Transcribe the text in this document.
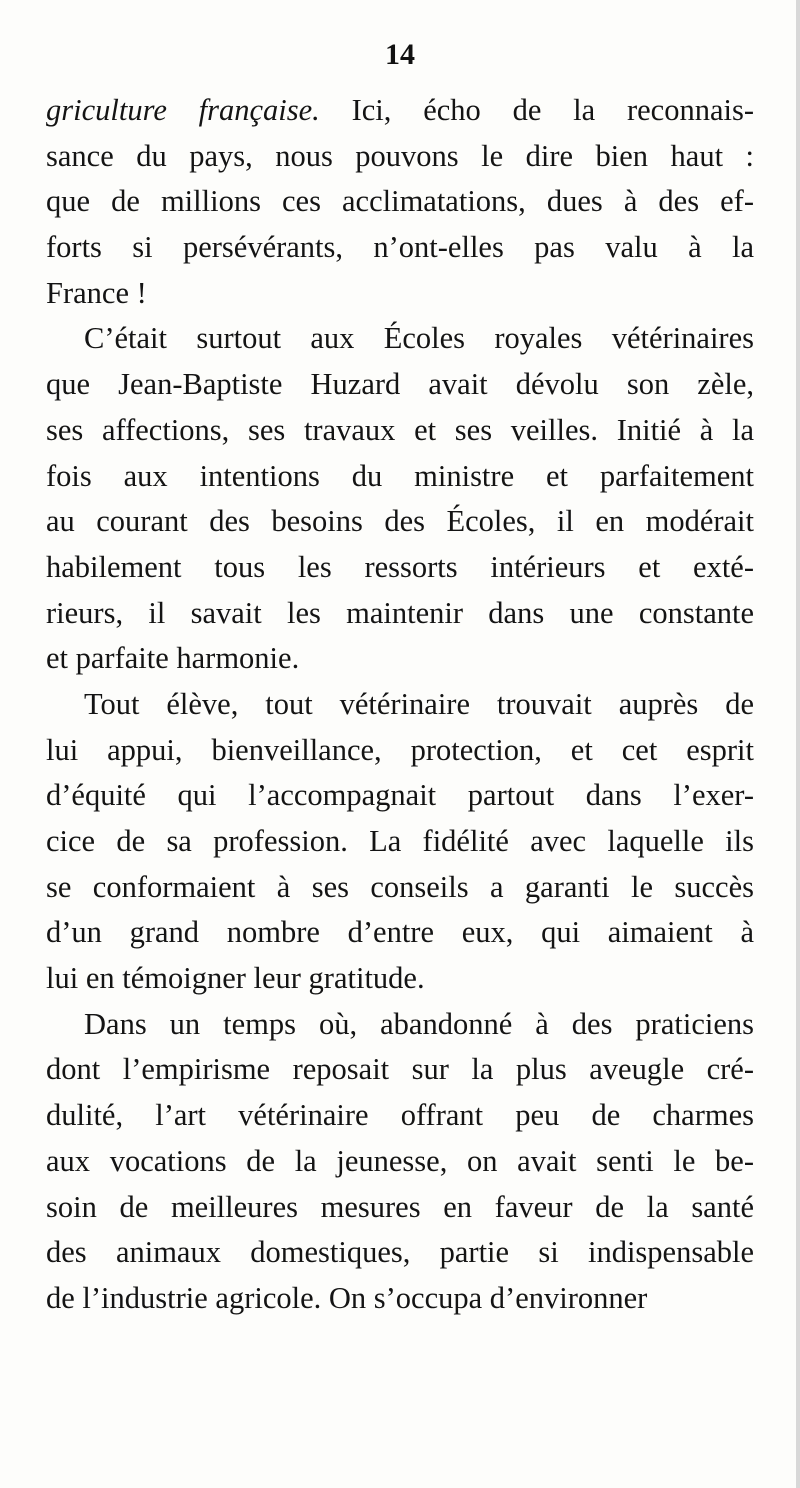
14
griculture française. Ici, écho de la reconnais-
sance du pays, nous pouvons le dire bien haut :
que de millions ces acclimatations, dues à des ef-
forts si persévérants, n’ont-elles pas valu à la
France !
C’était surtout aux Écoles royales vétérinaires
que Jean-Baptiste Huzard avait dévolu son zèle,
ses affections, ses travaux et ses veilles. Initié à la
fois aux intentions du ministre et parfaitement
au courant des besoins des Écoles, il en modérait
habilement tous les ressorts intérieurs et exté-
rieurs, il savait les maintenir dans une constante
et parfaite harmonie.
Tout élève, tout vétérinaire trouvait auprès de
lui appui, bienveillance, protection, et cet esprit
d’équité qui l’accompagnait partout dans l’exer-
cice de sa profession. La fidélité avec laquelle ils
se conformaient à ses conseils a garanti le succès
d’un grand nombre d’entre eux, qui aimaient à
lui en témoigner leur gratitude.
Dans un temps où, abandonné à des praticiens
dont l’empirisme reposait sur la plus aveugle cré-
dulité, l’art vétérinaire offrant peu de charmes
aux vocations de la jeunesse, on avait senti le be-
soin de meilleures mesures en faveur de la santé
des animaux domestiques, partie si indispensable
de l’industrie agricole. On s’occupa d’environner
